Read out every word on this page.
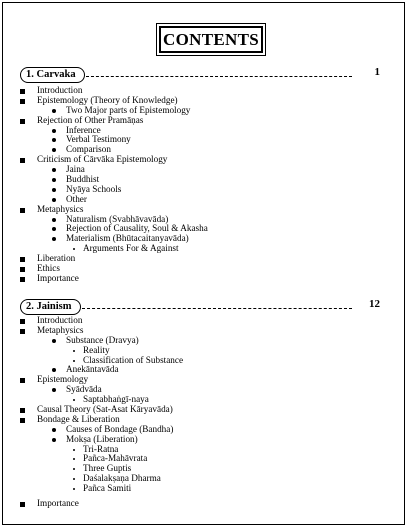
CONTENTS
1. Carvaka	1
Introduction
Epistemology (Theory of Knowledge)
Two Major parts of Epistemology
Rejection of Other Pramāṇas
Inference
Verbal Testimony
Comparison
Criticism of Cārvāka Epistemology
Jaina
Buddhist
Nyāya Schools
Other
Metaphysics
Naturalism (Svabhāvavāda)
Rejection of Causality, Soul & Akasha
Materialism (Bhūtacaitanyavāda)
Arguments For & Against
Liberation
Ethics
Importance
2. Jainism	12
Introduction
Metaphysics
Substance (Dravya)
Reality
Classification of Substance
Anekāntavāda
Epistemology
Syādvāda
Saptabhaṅgī-naya
Causal Theory (Sat-Asat Kāryavāda)
Bondage & Liberation
Causes of Bondage (Bandha)
Mokṣa (Liberation)
Tri-Ratna
Pañca-Mahāvrata
Three Guptis
Daśalakṣaṇa Dharma
Pañca Samiti
Importance
